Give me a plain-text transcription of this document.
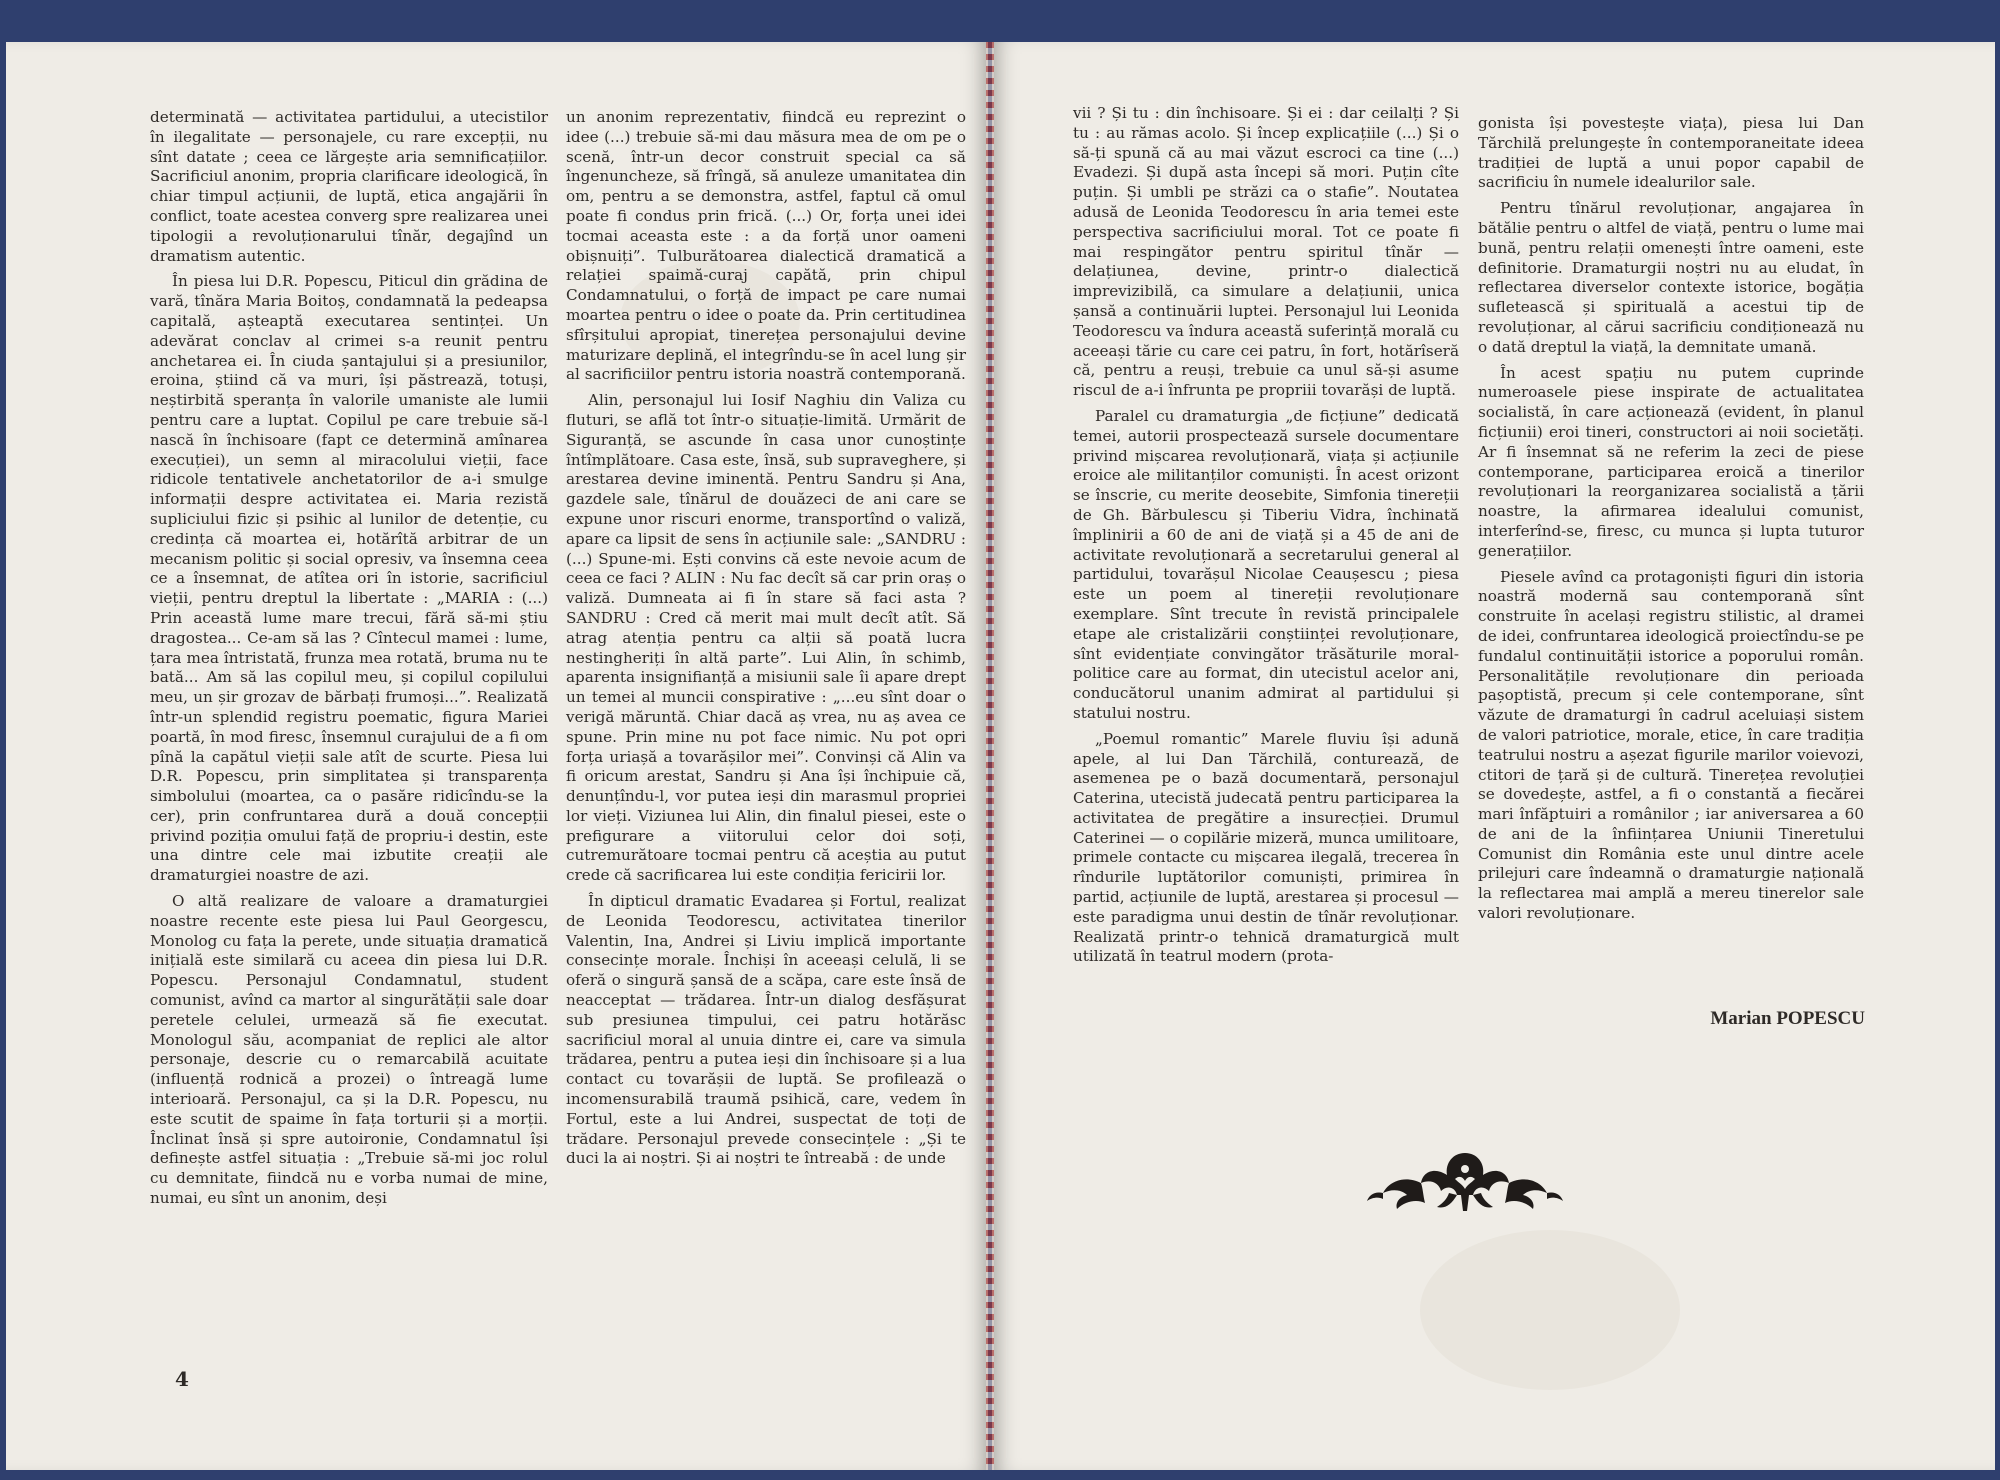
determinată — activitatea partidului, a utecistilor în ilegalitate — personajele, cu rare excepții, nu sînt datate ; ceea ce lărgește aria semnificațiilor. Sacrificiul anonim, propria clarificare ideologică, în chiar timpul acțiunii, de luptă, etica angajării în conflict, toate acestea converg spre realizarea unei tipologii a revoluționarului tînăr, degajînd un dramatism autentic.

În piesa lui D.R. Popescu, Piticul din grădina de vară, tînăra Maria Boitoș, condamnată la pedeapsa capitală, așteaptă executarea sentinței. Un adevărat conclav al crimei s-a reunit pentru anchetarea ei. În ciuda șantajului și a presiunilor, eroina, știind că va muri, își păstrează, totuși, neștirbită speranța în valorile umaniste ale lumii pentru care a luptat. Copilul pe care trebuie să-l nască în închisoare (fapt ce determină amînarea execuției), un semn al miracolului vieții, face ridicole tentativele anchetatorilor de a-i smulge informații despre activitatea ei. Maria rezistă supliciului fizic și psihic al lunilor de detenție, cu credința că moartea ei, hotărîtă arbitrar de un mecanism politic și social opresiv, va însemna ceea ce a însemnat, de atîtea ori în istorie, sacrificiul vieții, pentru dreptul la libertate : „MARIA : (...) Prin această lume mare trecui, fără să-mi știu dragostea... Ce-am să las ? Cîntecul mamei : lume, țara mea întristată, frunza mea rotată, bruma nu te bată... Am să las copilul meu, și copilul copilului meu, un șir grozav de bărbați frumoși...”. Realizată într-un splendid registru poematic, figura Mariei poartă, în mod firesc, însemnul curajului de a fi om pînă la capătul vieții sale atît de scurte. Piesa lui D.R. Popescu, prin simplitatea și transparența simbolului (moartea, ca o pasăre ridicîndu-se la cer), prin confruntarea dură a două concepții privind poziția omului față de propriu-i destin, este una dintre cele mai izbutite creații ale dramaturgiei noastre de azi.

O altă realizare de valoare a dramaturgiei noastre recente este piesa lui Paul Georgescu, Monolog cu fața la perete, unde situația dramatică inițială este similară cu aceea din piesa lui D.R. Popescu. Personajul Condamnatul, student comunist, avînd ca martor al singurătății sale doar peretele celulei, urmează să fie executat. Monologul său, acompaniat de replici ale altor personaje, descrie cu o remarcabilă acuitate (influență rodnică a prozei) o întreagă lume interioară. Personajul, ca și la D.R. Popescu, nu este scutit de spaime în fața torturii și a morții. Înclinat însă și spre autoironie, Condamnatul își definește astfel situația : „Trebuie să-mi joc rolul cu demnitate, fiindcă nu e vorba numai de mine, numai, eu sînt un anonim, deși

un anonim reprezentativ, fiindcă eu reprezint o idee (...) trebuie să-mi dau măsura mea de om pe o scenă, într-un decor construit special ca să îngenuncheze, să frîngă, să anuleze umanitatea din om, pentru a se demonstra, astfel, faptul că omul poate fi condus prin frică. (...) Or, forța unei idei tocmai aceasta este : a da forță unor oameni obișnuiți”. Tulburătoarea dialectică dramatică a relației spaimă-curaj capătă, prin chipul Condamnatului, o forță de impact pe care numai moartea pentru o idee o poate da. Prin certitudinea sfîrșitului apropiat, tinerețea personajului devine maturizare deplină, el integrîndu-se în acel lung șir al sacrificiilor pentru istoria noastră contemporană.

Alin, personajul lui Iosif Naghiu din Valiza cu fluturi, se află tot într-o situație-limită. Urmărit de Siguranță, se ascunde în casa unor cunoștințe întîmplătoare. Casa este, însă, sub supraveghere, și arestarea devine iminentă. Pentru Sandru și Ana, gazdele sale, tînărul de douăzeci de ani care se expune unor riscuri enorme, transportînd o valiză, apare ca lipsit de sens în acțiunile sale: „SANDRU : (...) Spune-mi. Ești convins că este nevoie acum de ceea ce faci ? ALIN : Nu fac decît să car prin oraș o valiză. Dumneata ai fi în stare să faci asta ? SANDRU : Cred că merit mai mult decît atît. Să atrag atenția pentru ca alții să poată lucra nestingheriți în altă parte”. Lui Alin, în schimb, aparenta insignifianță a misiunii sale îi apare drept un temei al muncii conspirative : „...eu sînt doar o verigă măruntă. Chiar dacă aș vrea, nu aș avea ce spune. Prin mine nu pot face nimic. Nu pot opri forța uriașă a tovarășilor mei”. Convinși că Alin va fi oricum arestat, Sandru și Ana își închipuie că, denunțîndu-l, vor putea ieși din marasmul propriei lor vieți. Viziunea lui Alin, din finalul piesei, este o prefigurare a viitorului celor doi soți, cutremurătoare tocmai pentru că aceștia au putut crede că sacrificarea lui este condiția fericirii lor.

În dipticul dramatic Evadarea și Fortul, realizat de Leonida Teodorescu, activitatea tinerilor Valentin, Ina, Andrei și Liviu implică importante consecințe morale. Închiși în aceeași celulă, li se oferă o singură șansă de a scăpa, care este însă de neacceptat — trădarea. Într-un dialog desfășurat sub presiunea timpului, cei patru hotărăsc sacrificiul moral al unuia dintre ei, care va simula trădarea, pentru a putea ieși din închisoare și a lua contact cu tovarășii de luptă. Se profilează o incomensurabilă traumă psihică, care, vedem în Fortul, este a lui Andrei, suspectat de toți de trădare. Personajul prevede consecințele : „Și te duci la ai noștri. Și ai noștri te întreabă : de unde

vii ? Și tu : din închisoare. Și ei : dar ceilalți ? Și tu : au rămas acolo. Și încep explicațiile (...) Și o să-ți spună că au mai văzut escroci ca tine (...) Evadezi. Și după asta începi să mori. Puțin cîte puțin. Și umbli pe străzi ca o stafie”. Noutatea adusă de Leonida Teodorescu în aria temei este perspectiva sacrificiului moral. Tot ce poate fi mai respingător pentru spiritul tînăr — delațiunea, devine, printr-o dialectică imprevizibilă, ca simulare a delațiunii, unica șansă a continuării luptei. Personajul lui Leonida Teodorescu va îndura această suferință morală cu aceeași tărie cu care cei patru, în fort, hotărîseră că, pentru a reuși, trebuie ca unul să-și asume riscul de a-i înfrunta pe propriii tovarăși de luptă.

Paralel cu dramaturgia „de ficțiune” dedicată temei, autorii prospectează sursele documentare privind mișcarea revoluționară, viața și acțiunile eroice ale militanților comuniști. În acest orizont se înscrie, cu merite deosebite, Simfonia tinereții de Gh. Bărbulescu și Tiberiu Vidra, închinată împlinirii a 60 de ani de viață și a 45 de ani de activitate revoluționară a secretarului general al partidului, tovarășul Nicolae Ceaușescu ; piesa este un poem al tinereții revoluționare exemplare. Sînt trecute în revistă principalele etape ale cristalizării conștiinței revoluționare, sînt evidențiate convingător trăsăturile moral-politice care au format, din utecistul acelor ani, conducătorul unanim admirat al partidului și statului nostru.

„Poemul romantic” Marele fluviu își adună apele, al lui Dan Tărchilă, conturează, de asemenea pe o bază documentară, personajul Caterina, utecistă judecată pentru participarea la activitatea de pregătire a insurecției. Drumul Caterinei — o copilărie mizeră, munca umilitoare, primele contacte cu mișcarea ilegală, trecerea în rîndurile luptătorilor comuniști, primirea în partid, acțiunile de luptă, arestarea și procesul — este paradigma unui destin de tînăr revoluționar. Realizată printr-o tehnică dramaturgică mult utilizată în teatrul modern (prota-

gonista își povestește viața), piesa lui Dan Tărchilă prelungește în contemporaneitate ideea tradiției de luptă a unui popor capabil de sacrificiu în numele idealurilor sale.

Pentru tînărul revoluționar, angajarea în bătălie pentru o altfel de viață, pentru o lume mai bună, pentru relații omenești între oameni, este definitorie. Dramaturgii noștri nu au eludat, în reflectarea diverselor contexte istorice, bogăția sufletească și spirituală a acestui tip de revoluționar, al cărui sacrificiu condiționează nu o dată dreptul la viață, la demnitate umană.

În acest spațiu nu putem cuprinde numeroasele piese inspirate de actualitatea socialistă, în care acționează (evident, în planul ficțiunii) eroi tineri, constructori ai noii societăți. Ar fi însemnat să ne referim la zeci de piese contemporane, participarea eroică a tinerilor revoluționari la reorganizarea socialistă a țării noastre, la afirmarea idealului comunist, interferînd-se, firesc, cu munca și lupta tuturor generațiilor.

Piesele avînd ca protagoniști figuri din istoria noastră modernă sau contemporană sînt construite în același registru stilistic, al dramei de idei, confruntarea ideologică proiectîndu-se pe fundalul continuității istorice a poporului român. Personalitățile revoluționare din perioada pașoptistă, precum și cele contemporane, sînt văzute de dramaturgi în cadrul aceluiași sistem de valori patriotice, morale, etice, în care tradiția teatrului nostru a așezat figurile marilor voievozi, ctitori de țară și de cultură. Tinerețea revoluției se dovedește, astfel, a fi o constantă a fiecărei mari înfăptuiri a românilor ; iar aniversarea a 60 de ani de la înființarea Uniunii Tineretului Comunist din România este unul dintre acele prilejuri care îndeamnă o dramaturgie națională la reflectarea mai amplă a mereu tinerelor sale valori revoluționare.

Marian POPESCU
4
